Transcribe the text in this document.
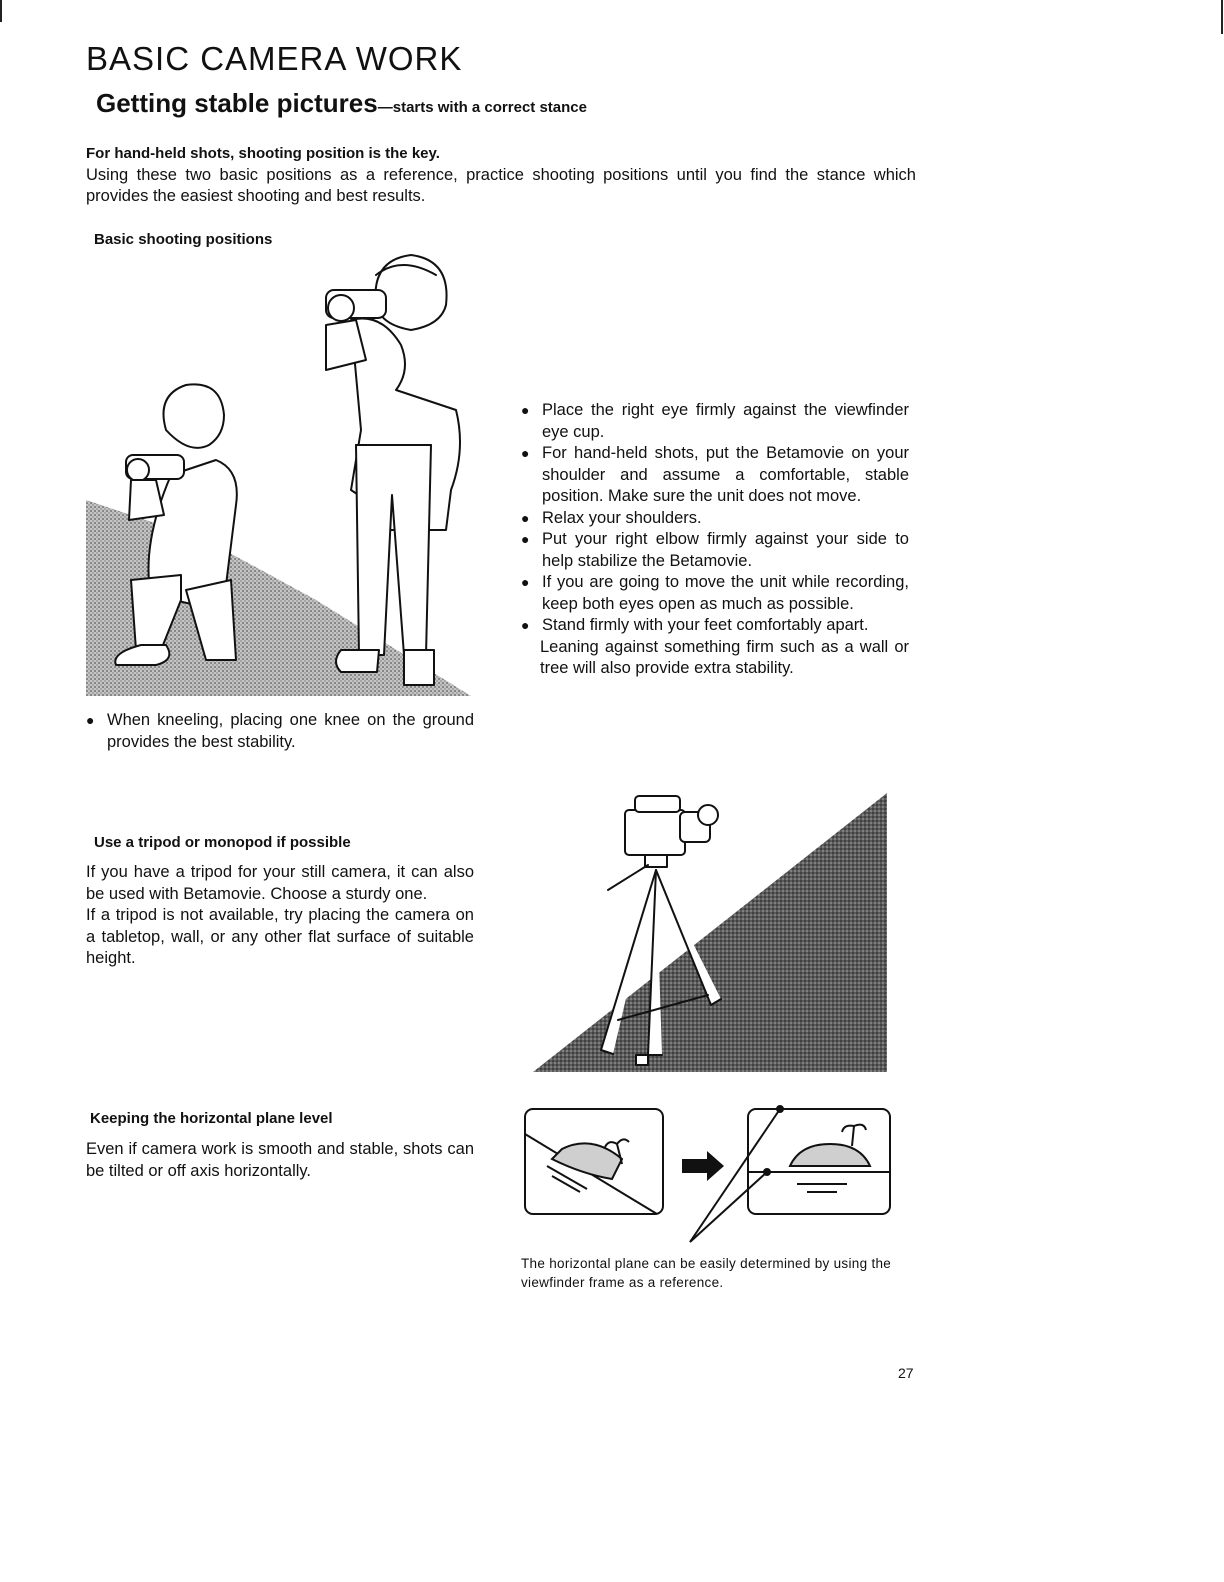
BASIC CAMERA WORK
Getting stable pictures—starts with a correct stance
For hand-held shots, shooting position is the key.
Using these two basic positions as a reference, practice shooting positions until you find the stance which provides the easiest shooting and best results.
Basic shooting positions
● When kneeling, placing one knee on the ground provides the best stability.
● Place the right eye firmly against the viewfinder eye cup.
● For hand-held shots, put the Betamovie on your shoulder and assume a comfortable, stable position. Make sure the unit does not move.
● Relax your shoulders.
● Put your right elbow firmly against your side to help stabilize the Betamovie.
● If you are going to move the unit while recording, keep both eyes open as much as possible.
● Stand firmly with your feet comfortably apart.

Leaning against something firm such as a wall or tree will also provide extra stability.

Use a tripod or monopod if possible

If you have a tripod for your still camera, it can also be used with Betamovie. Choose a sturdy one.

If a tripod is not available, try placing the camera on a tabletop, wall, or any other flat surface of suitable height.

Keeping the horizontal plane level

Even if camera work is smooth and stable, shots can be tilted or off axis horizontally.

The horizontal plane can be easily determined by using the viewfinder frame as a reference.
27
